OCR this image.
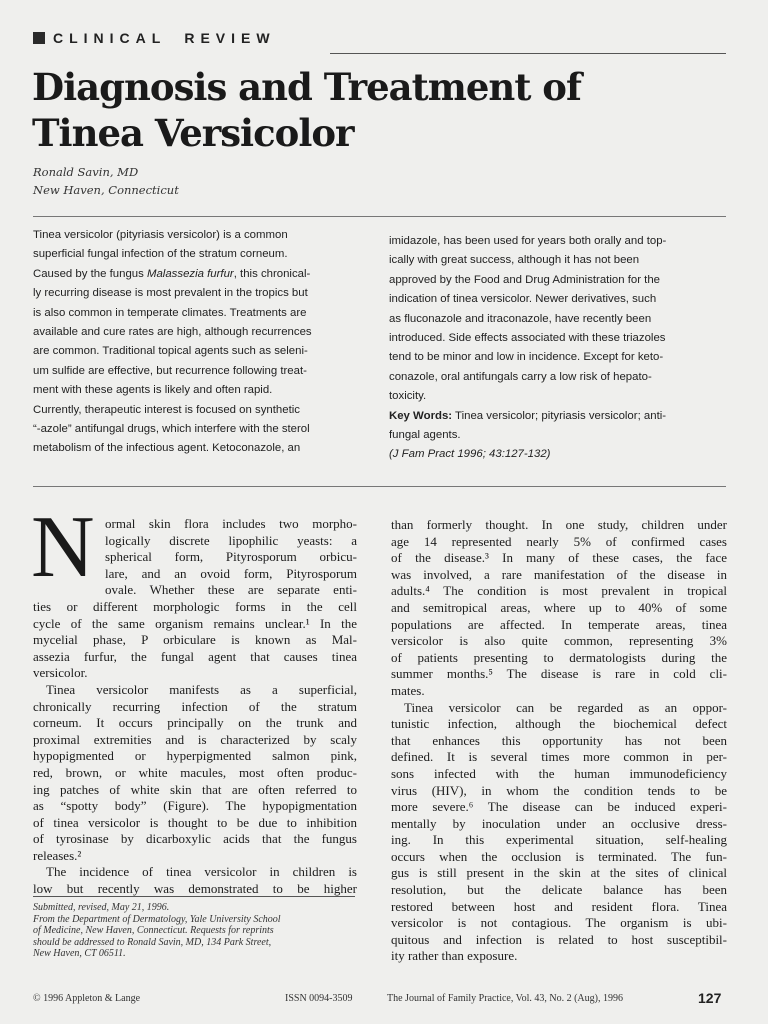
CLINICAL REVIEW
Diagnosis and Treatment of
Tinea Versicolor
Ronald Savin, MD
New Haven, Connecticut
Tinea versicolor (pityriasis versicolor) is a common
superficial fungal infection of the stratum corneum.
Caused by the fungus Malassezia furfur, this chronical-
ly recurring disease is most prevalent in the tropics but
is also common in temperate climates. Treatments are
available and cure rates are high, although recurrences
are common. Traditional topical agents such as seleni-
um sulfide are effective, but recurrence following treat-
ment with these agents is likely and often rapid.
Currently, therapeutic interest is focused on synthetic
“-azole” antifungal drugs, which interfere with the sterol
metabolism of the infectious agent. Ketoconazole, an
imidazole, has been used for years both orally and top-
ically with great success, although it has not been
approved by the Food and Drug Administration for the
indication of tinea versicolor. Newer derivatives, such
as fluconazole and itraconazole, have recently been
introduced. Side effects associated with these triazoles
tend to be minor and low in incidence. Except for keto-
conazole, oral antifungals carry a low risk of hepato-
toxicity.
Key Words: Tinea versicolor; pityriasis versicolor; anti-
fungal agents.
(J Fam Pract 1996; 43:127-132)
N ormal skin flora includes two morpho-
logically discrete lipophilic yeasts: a
spherical form, Pityrosporum orbicu-
lare, and an ovoid form, Pityrosporum
ovale. Whether these are separate enti-
ties or different morphologic forms in the cell
cycle of the same organism remains unclear.¹ In the
mycelial phase, P orbiculare is known as Mal-
assezia furfur, the fungal agent that causes tinea
versicolor.
 Tinea versicolor manifests as a superficial,
chronically recurring infection of the stratum
corneum. It occurs principally on the trunk and
proximal extremities and is characterized by scaly
hypopigmented or hyperpigmented salmon pink,
red, brown, or white macules, most often produc-
ing patches of white skin that are often referred to
as “spotty body” (Figure). The hypopigmentation
of tinea versicolor is thought to be due to inhibition
of tyrosinase by dicarboxylic acids that the fungus
releases.²
 The incidence of tinea versicolor in children is
low but recently was demonstrated to be higher
Submitted, revised, May 21, 1996.
From the Department of Dermatology, Yale University School
of Medicine, New Haven, Connecticut. Requests for reprints
should be addressed to Ronald Savin, MD, 134 Park Street,
New Haven, CT 06511.
than formerly thought. In one study, children under
age 14 represented nearly 5% of confirmed cases
of the disease.³ In many of these cases, the face
was involved, a rare manifestation of the disease in
adults.⁴ The condition is most prevalent in tropical
and semitropical areas, where up to 40% of some
populations are affected. In temperate areas, tinea
versicolor is also quite common, representing 3%
of patients presenting to dermatologists during the
summer months.⁵ The disease is rare in cold cli-
mates.
 Tinea versicolor can be regarded as an oppor-
tunistic infection, although the biochemical defect
that enhances this opportunity has not been
defined. It is several times more common in per-
sons infected with the human immunodeficiency
virus (HIV), in whom the condition tends to be
more severe.⁶ The disease can be induced experi-
mentally by inoculation under an occlusive dress-
ing. In this experimental situation, self-healing
occurs when the occlusion is terminated. The fun-
gus is still present in the skin at the sites of clinical
resolution, but the delicate balance has been
restored between host and resident flora. Tinea
versicolor is not contagious. The organism is ubi-
quitous and infection is related to host susceptibil-
ity rather than exposure.
© 1996 Appleton & Lange	ISSN 0094-3509	The Journal of Family Practice, Vol. 43, No. 2 (Aug), 1996	127
